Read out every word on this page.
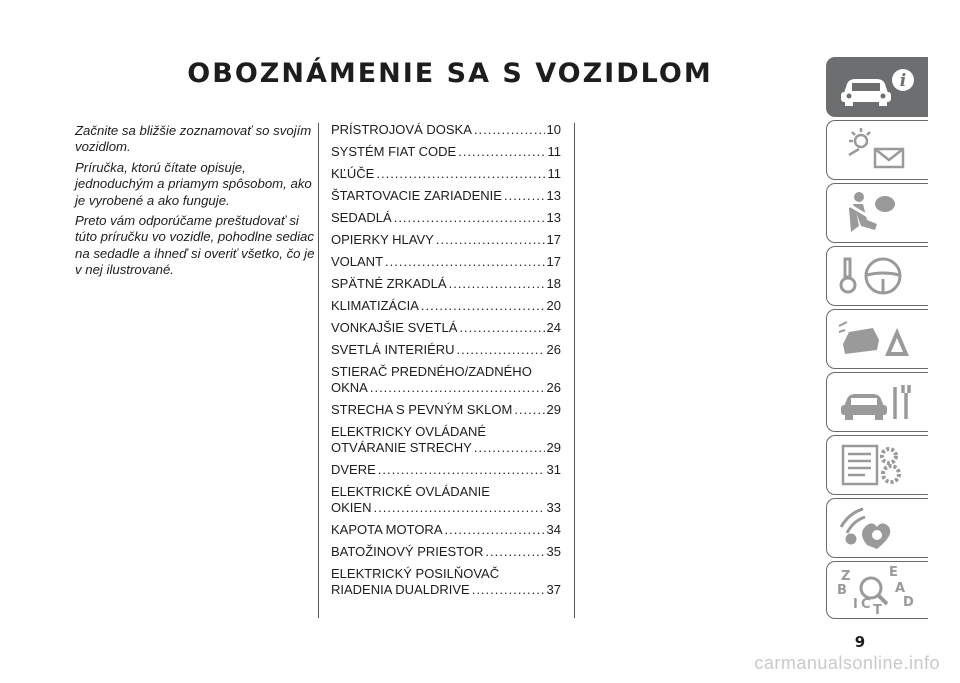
OBOZNÁMENIE SA S VOZIDLOM

Začnite sa bližšie zoznamovať so svojím vozidlom.

Príručka, ktorú čítate opisuje, jednoduchým a priamym spôsobom, ako je vyrobené a ako funguje.

Preto vám odporúčame preštudovať si túto príručku vo vozidle, pohodlne sediac na sedadle a ihneď si overiť všetko, čo je v nej ilustrované.

PRÍSTROJOVÁ DOSKA .....	10
SYSTÉM FIAT CODE .....	11
KĽÚČE .....	11
ŠTARTOVACIE ZARIADENIE .....	13
SEDADLÁ .....	13
OPIERKY HLAVY .....	17
VOLANT .....	17
SPÄTNÉ ZRKADLÁ .....	18
KLIMATIZÁCIA .....	20
VONKAJŠIE SVETLÁ .....	24
SVETLÁ INTERIÉRU .....	26
STIERAČ PREDNÉHO/ZADNÉHO
OKNA .....	26
STRECHA S PEVNÝM SKLOM .....	29
ELEKTRICKY OVLÁDANÉ
OTVÁRANIE STRECHY .....	29
DVERE .....	31
ELEKTRICKÉ OVLÁDANIE
OKIEN .....	33
KAPOTA MOTORA .....	34
BATOŽINOVÝ PRIESTOR .....	35
ELEKTRICKÝ POSILŇOVAČ
RIADENIA DUALDRIVE .....	37
i
Z	E
B	A
I C T
D
9
carmanualsonline.info
